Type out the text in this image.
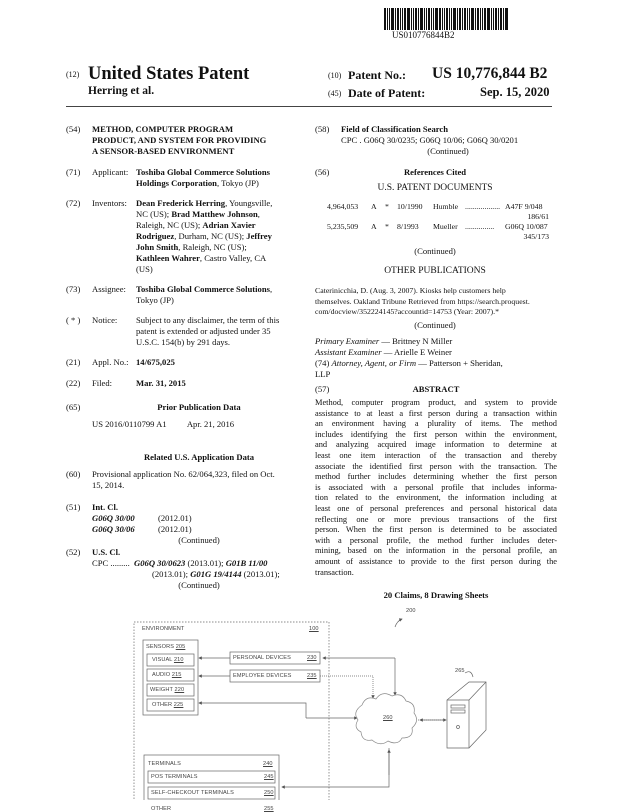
US010776844B2
(12) United States Patent
Herring et al.
(10) Patent No.: US 10,776,844 B2
(45) Date of Patent:	Sep. 15, 2020
(54) METHOD, COMPUTER PROGRAM
PRODUCT, AND SYSTEM FOR PROVIDING
A SENSOR-BASED ENVIRONMENT
(71) Applicant: Toshiba Global Commerce Solutions
Holdings Corporation, Tokyo (JP)
(72) Inventors: Dean Frederick Herring, Youngsville,
NC (US); Brad Matthew Johnson,
Raleigh, NC (US); Adrian Xavier
Rodriguez, Durham, NC (US); Jeffrey
John Smith, Raleigh, NC (US);
Kathleen Wahrer, Castro Valley, CA
(US)
(73) Assignee: Toshiba Global Commerce Solutions,
Tokyo (JP)
( * ) Notice: Subject to any disclaimer, the term of this
patent is extended or adjusted under 35
U.S.C. 154(b) by 291 days.
(21) Appl. No.: 14/675,025
(22) Filed:	Mar. 31, 2015
(65)	Prior Publication Data
US 2016/0110799 A1 Apr. 21, 2016
Related U.S. Application Data
(60) Provisional application No. 62/064,323, filed on Oct.
15, 2014.
(51) Int. Cl.
G06Q 30/00	(2012.01)
G06Q 30/06	(2012.01)
(Continued)
(52) U.S. Cl.
CPC ......... G06Q 30/0623 (2013.01); G01B 11/00
(2013.01); G01G 19/4144 (2013.01);
(Continued)
(58) Field of Classification Search
CPC . G06Q 30/0235; G06Q 10/06; G06Q 30/0201
(Continued)
(56)	References Cited
U.S. PATENT DOCUMENTS
4,964,053 A * 10/1990 Humble .................. A47F 9/048
186/61
5,235,509 A * 8/1993 Mueller ............... G06Q 10/087
345/173
(Continued)
OTHER PUBLICATIONS
Caterinicchia, D. (Aug. 3, 2007). Kiosks help customers help
themselves. Oakland Tribune Retrieved from https://search.proquest.
com/docview/352224145?accountid=14753 (Year: 2007).*
(Continued)
Primary Examiner — Brittney N Miller
Assistant Examiner — Arielle E Weiner
(74) Attorney, Agent, or Firm — Patterson + Sheridan,
LLP
(57)	ABSTRACT
Method, computer program product, and system to provide
assistance to at least a first person during a transaction within
an environment having a plurality of items. The method
includes identifying the first person within the environment,
and analyzing acquired image information to determine at
least one item interaction of the transaction and thereby
associate the identified first person with the transaction. The
method further includes determining whether the first person
is associated with a personal profile that includes informa-
tion related to the environment, the information including at
least one of personal preferences and personal historical data
reflecting one or more previous transactions of the first
person. When the first person is determined to be associated
with a personal profile, the method further includes deter-
mining, based on the information in the personal profile, an
amount of assistance to provide to the first person during the
transaction.
20 Claims, 8 Drawing Sheets
ENVIRONMENT	100
200
SENSORS 205
VISUAL 210
AUDIO 215
WEIGHT 220
OTHER 225
PERSONAL DEVICES	230
EMPLOYEE DEVICES	235
260
265
TERMINALS	240
POS TERMINALS	245
SELF-CHECKOUT TERMINALS	250
OTHER	255
